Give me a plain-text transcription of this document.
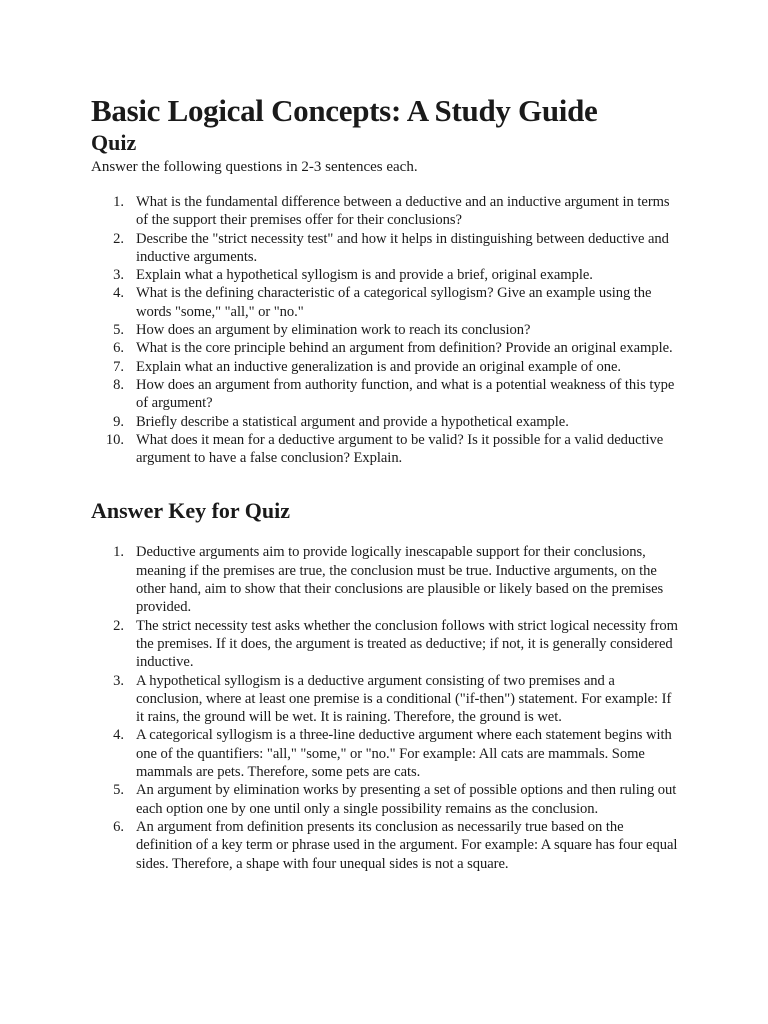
Basic Logical Concepts: A Study Guide
Quiz

Answer the following questions in 2-3 sentences each.

1. What is the fundamental difference between a deductive and an inductive argument in terms of the support their premises offer for their conclusions?
2. Describe the "strict necessity test" and how it helps in distinguishing between deductive and inductive arguments.
3. Explain what a hypothetical syllogism is and provide a brief, original example.
4. What is the defining characteristic of a categorical syllogism? Give an example using the words "some," "all," or "no."
5. How does an argument by elimination work to reach its conclusion?
6. What is the core principle behind an argument from definition? Provide an original example.
7. Explain what an inductive generalization is and provide an original example of one.
8. How does an argument from authority function, and what is a potential weakness of this type of argument?
9. Briefly describe a statistical argument and provide a hypothetical example.
10. What does it mean for a deductive argument to be valid? Is it possible for a valid deductive argument to have a false conclusion? Explain.
Answer Key for Quiz
1. Deductive arguments aim to provide logically inescapable support for their conclusions, meaning if the premises are true, the conclusion must be true. Inductive arguments, on the other hand, aim to show that their conclusions are plausible or likely based on the premises provided.
2. The strict necessity test asks whether the conclusion follows with strict logical necessity from the premises. If it does, the argument is treated as deductive; if not, it is generally considered inductive.
3. A hypothetical syllogism is a deductive argument consisting of two premises and a conclusion, where at least one premise is a conditional ("if-then") statement. For example: If it rains, the ground will be wet. It is raining. Therefore, the ground is wet.
4. A categorical syllogism is a three-line deductive argument where each statement begins with one of the quantifiers: "all," "some," or "no." For example: All cats are mammals. Some mammals are pets. Therefore, some pets are cats.
5. An argument by elimination works by presenting a set of possible options and then ruling out each option one by one until only a single possibility remains as the conclusion.
6. An argument from definition presents its conclusion as necessarily true based on the definition of a key term or phrase used in the argument. For example: A square has four equal sides. Therefore, a shape with four unequal sides is not a square.
